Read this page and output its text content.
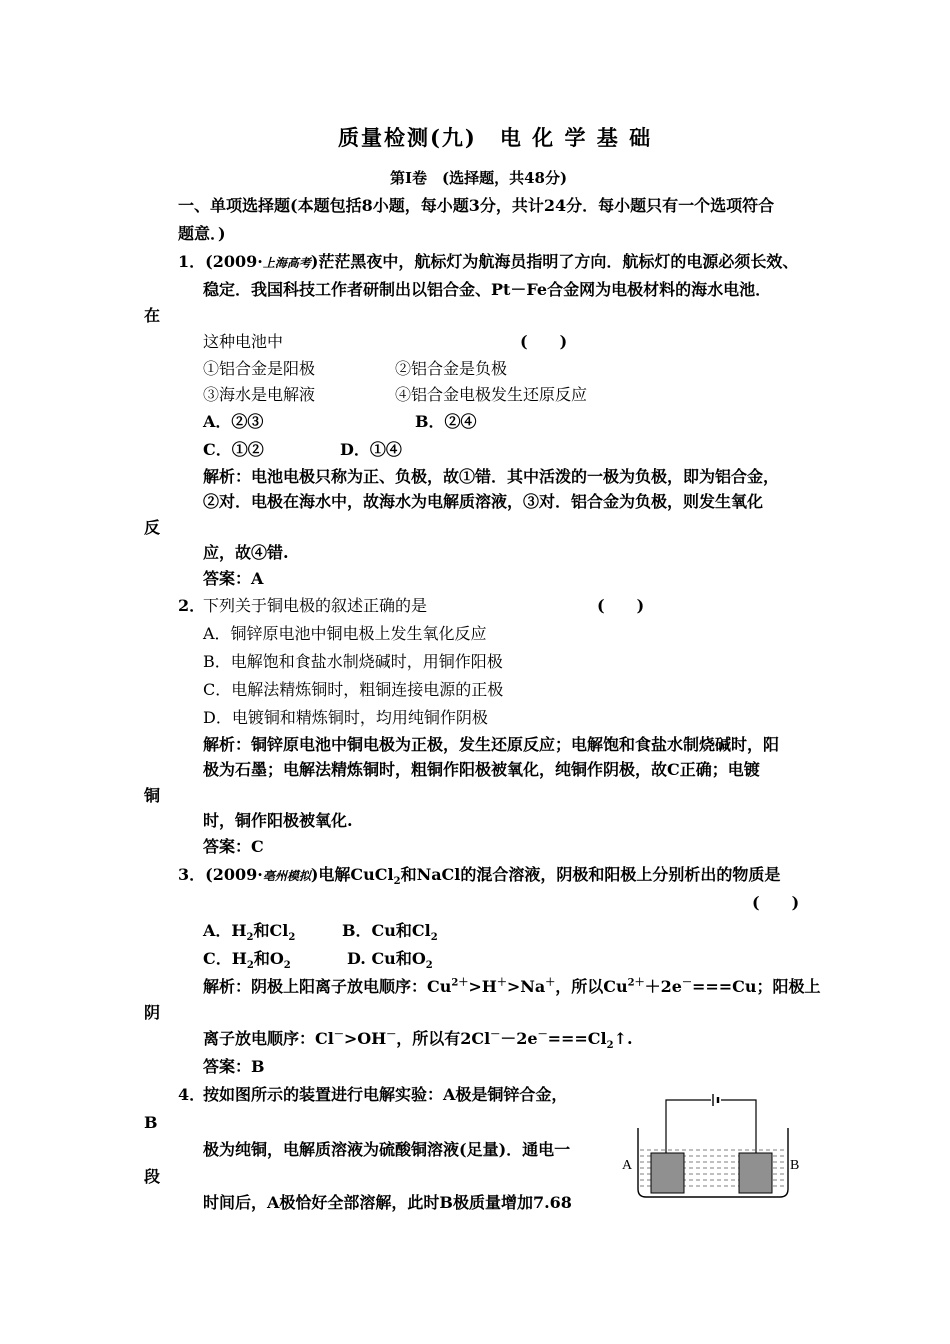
质量检测(九)　电 化 学 基 础
第Ⅰ卷　(选择题，共48分)
一、单项选择题(本题包括8小题，每小题3分，共计24分．每小题只有一个选项符合
题意．)
1．(2009·上海高考)茫茫黑夜中，航标灯为航海员指明了方向．航标灯的电源必须长效、
稳定．我国科技工作者研制出以铝合金、Pt－Fe合金网为电极材料的海水电池．
在
这种电池中	(　　)
①铝合金是阳极	②铝合金是负极
③海水是电解液	④铝合金电极发生还原反应
A．②③	B．②④
C．①②	D．①④
解析：电池电极只称为正、负极，故①错．其中活泼的一极为负极，即为铝合金，
②对．电极在海水中，故海水为电解质溶液，③对．铝合金为负极，则发生氧化
反
应，故④错.
答案：A
2．
下列关于铜电极的叙述正确的是	(　　)
A．铜锌原电池中铜电极上发生氧化反应
B．电解饱和食盐水制烧碱时，用铜作阳极
C．电解法精炼铜时，粗铜连接电源的正极
D．电镀铜和精炼铜时，均用纯铜作阴极
解析：铜锌原电池中铜电极为正极，发生还原反应；电解饱和食盐水制烧碱时，阳
极为石墨；电解法精炼铜时，粗铜作阳极被氧化，纯铜作阴极，故C正确；电镀
铜
时，铜作阳极被氧化.
答案：C
3．(2009·亳州模拟)电解CuCl$_2$和NaCl的混合溶液，阴极和阳极上分别析出的物质是
(　　)
A．$H_2$和$Cl_2$	B．Cu和$Cl_2$
C．$H_2$和$O_2$	D. Cu和$O_2$
解析：阴极上阳离子放电顺序：$Cu^{2+}>H^+>Na^+$，所以$Cu^{2+}+2e^-===Cu$；阳极上
阴
离子放电顺序：Cl－>OH－，所以有$2Cl^--2e^-===Cl_2↑$.
答案：B
4．
按如图所示的装置进行电解实验：A极是铜锌合金，
B
极为纯铜，电解质溶液为硫酸铜溶液(足量)．通电一
段
时间后，A极恰好全部溶解，此时B极质量增加7.68
A	B
